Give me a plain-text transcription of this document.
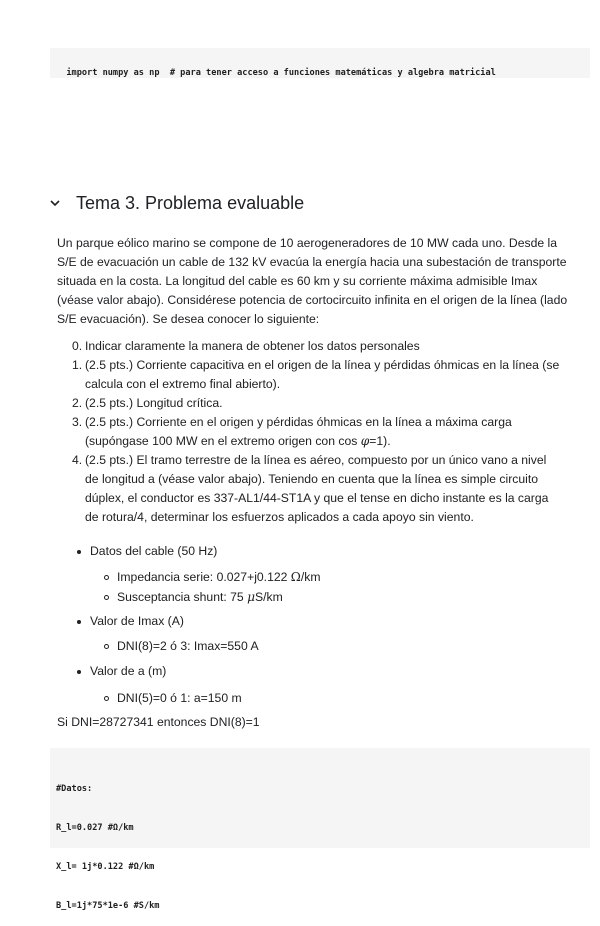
import numpy as np  # para tener acceso a funciones matemáticas y algebra matricial

Tema 3. Problema evaluable
Un parque eólico marino se compone de 10 aerogeneradores de 10 MW cada uno. Desde la S/E de evacuación un cable de 132 kV evacúa la energía hacia una subestación de transporte situada en la costa. La longitud del cable es 60 km y su corriente máxima admisible Imax (véase valor abajo). Considérese potencia de cortocircuito infinita en el origen de la línea (lado S/E evacuación). Se desea conocer lo siguiente:
0. Indicar claramente la manera de obtener los datos personales
1. (2.5 pts.) Corriente capacitiva en el origen de la línea y pérdidas óhmicas en la línea (se calcula con el extremo final abierto).
2. (2.5 pts.) Longitud crítica.
3. (2.5 pts.) Corriente en el origen y pérdidas óhmicas en la línea a máxima carga (supóngase 100 MW en el extremo origen con cos φ=1).
4. (2.5 pts.) El tramo terrestre de la línea es aéreo, compuesto por un único vano a nivel de longitud a (véase valor abajo). Teniendo en cuenta que la línea es simple circuito dúplex, el conductor es 337-AL1/44-ST1A y que el tense en dicho instante es la carga de rotura/4, determinar los esfuerzos aplicados a cada apoyo sin viento.
Datos del cable (50 Hz)
Impedancia serie: 0.027+j0.122 Ω/km
Susceptancia shunt: 75 μS/km
Valor de Imax (A)
DNI(8)=2 ó 3: Imax=550 A
Valor de a (m)
DNI(5)=0 ó 1: a=150 m
Si DNI=28727341 entonces DNI(8)=1

#Datos:

R_l=0.027 #Ω/km

X_l= 1j*0.122 #Ω/km

B_l=1j*75*1e-6 #S/km
